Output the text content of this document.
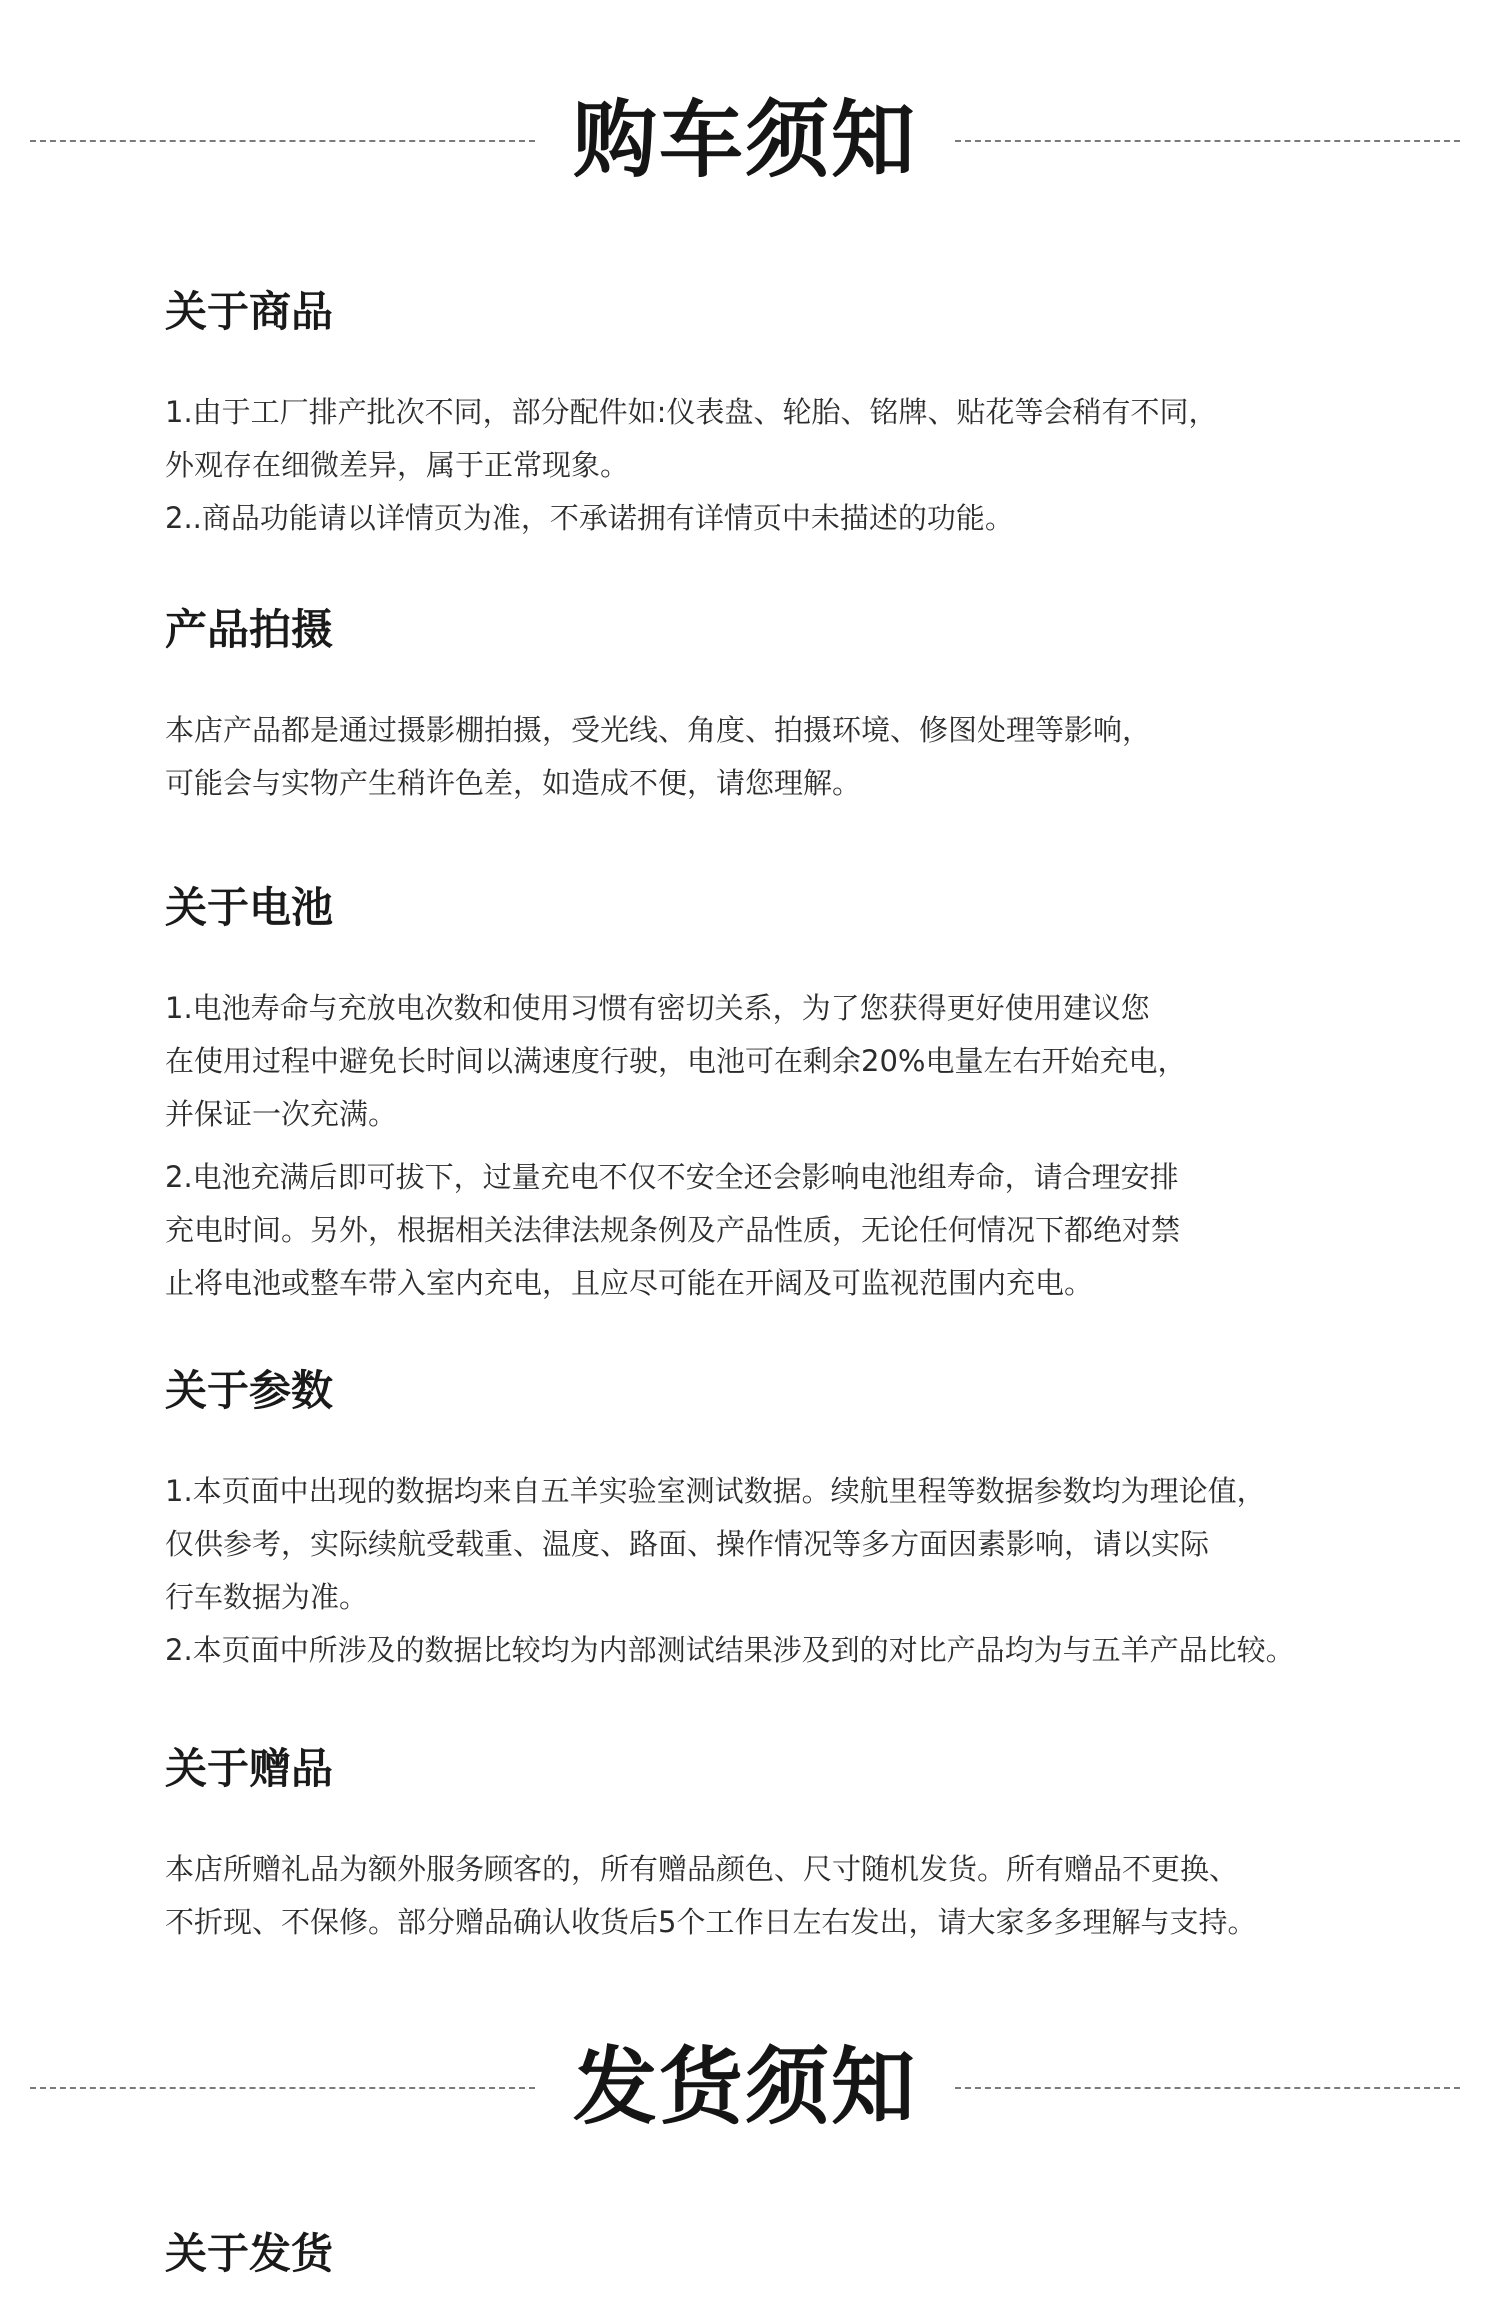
购车须知
关于商品

1.由于工厂排产批次不同，部分配件如:仪表盘、轮胎、铭牌、贴花等会稍有不同，

外观存在细微差异，属于正常现象。

2..商品功能请以详情页为准，不承诺拥有详情页中未描述的功能。

产品拍摄

本店产品都是通过摄影棚拍摄，受光线、角度、拍摄环境、修图处理等影响，

可能会与实物产生稍许色差，如造成不便，请您理解。

关于电池

1.电池寿命与充放电次数和使用习惯有密切关系，为了您获得更好使用建议您

在使用过程中避免长时间以满速度行驶，电池可在剩余20%电量左右开始充电，

并保证一次充满。

2.电池充满后即可拔下，过量充电不仅不安全还会影响电池组寿命，请合理安排

充电时间。另外，根据相关法律法规条例及产品性质，无论任何情况下都绝对禁

止将电池或整车带入室内充电，且应尽可能在开阔及可监视范围内充电。

关于参数

1.本页面中出现的数据均来自五羊实验室测试数据。续航里程等数据参数均为理论值，

仅供参考，实际续航受载重、温度、路面、操作情况等多方面因素影响，请以实际

行车数据为准。

2.本页面中所涉及的数据比较均为内部测试结果涉及到的对比产品均为与五羊产品比较。

关于赠品

本店所赠礼品为额外服务顾客的，所有赠品颜色、尺寸随机发货。所有赠品不更换、

不折现、不保修。部分赠品确认收货后5个工作日左右发出，请大家多多理解与支持。

发货须知
关于发货
